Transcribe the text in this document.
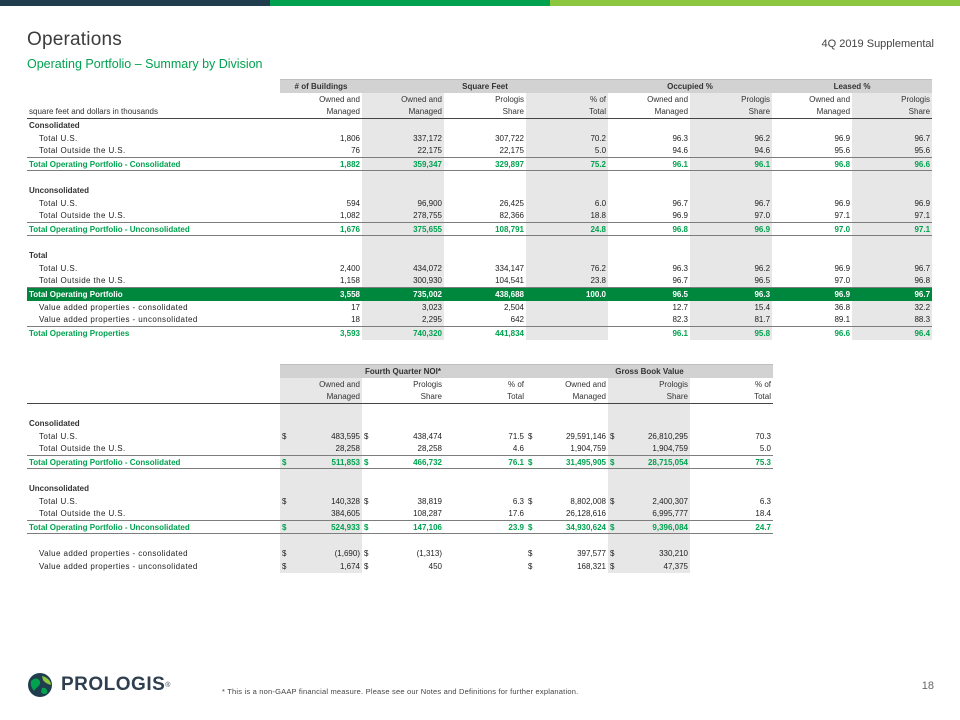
Operations
Operating Portfolio – Summary by Division
4Q 2019 Supplemental
	# of Buildings	Square Feet			Occupied %		Leased %	
	Owned and	Owned and	Prologis	% of	Owned and	Prologis	Owned and	Prologis
square feet and dollars in thousands	Managed	Managed	Share	Total	Managed	Share	Managed	Share
Consolidated								
Total U.S.	1,806	337,172	307,722	70.2	96.3	96.2	96.9	96.7
Total Outside the U.S.	76	22,175	22,175	5.0	94.6	94.6	95.6	95.6
Total Operating Portfolio - Consolidated	1,882	359,347	329,897	75.2	96.1	96.1	96.8	96.6

Unconsolidated								
Total U.S.	594	96,900	26,425	6.0	96.7	96.7	96.9	96.9
Total Outside the U.S.	1,082	278,755	82,366	18.8	96.9	97.0	97.1	97.1
Total Operating Portfolio - Unconsolidated	1,676	375,655	108,791	24.8	96.8	96.9	97.0	97.1

Total								
Total U.S.	2,400	434,072	334,147	76.2	96.3	96.2	96.9	96.7
Total Outside the U.S.	1,158	300,930	104,541	23.8	96.7	96.5	97.0	96.8
Total Operating Portfolio	3,558	735,002	438,688	100.0	96.5	96.3	96.9	96.7
Value added properties - consolidated	17	3,023	2,504		12.7	15.4	36.8	32.2
Value added properties - unconsolidated	18	2,295	642		82.3	81.7	89.1	88.3
Total Operating Properties	3,593	740,320	441,834		96.1	95.8	96.6	96.4
	Fourth Quarter NOI*			Gross Book Value		
	Owned and	Prologis	% of	Owned and	Prologis	% of
	Managed	Share	Total	Managed	Share	Total

Consolidated						
Total U.S.	$ 483,595	$ 438,474	71.5	$ 29,591,146	$ 26,810,295	70.3
Total Outside the U.S.	28,258	28,258	4.6	1,904,759	1,904,759	5.0
Total Operating Portfolio - Consolidated	$ 511,853	$ 466,732	76.1	$ 31,495,905	$ 28,715,054	75.3

Unconsolidated						
Total U.S.	$ 140,328	$ 38,819	6.3	$ 8,802,008	$ 2,400,307	6.3
Total Outside the U.S.	384,605	108,287	17.6	26,128,616	6,995,777	18.4
Total Operating Portfolio - Unconsolidated	$ 524,933	$ 147,106	23.9	$ 34,930,624	$ 9,396,084	24.7

Value added properties - consolidated	$ (1,690)	$ (1,313)		$ 397,577	$ 330,210	

Value added properties - unconsolidated	$ 1,674	$ 450		$ 168,321	$ 47,375	

PROLOGIS ®
* This is a non-GAAP financial measure. Please see our Notes and Definitions for further explanation.	18
